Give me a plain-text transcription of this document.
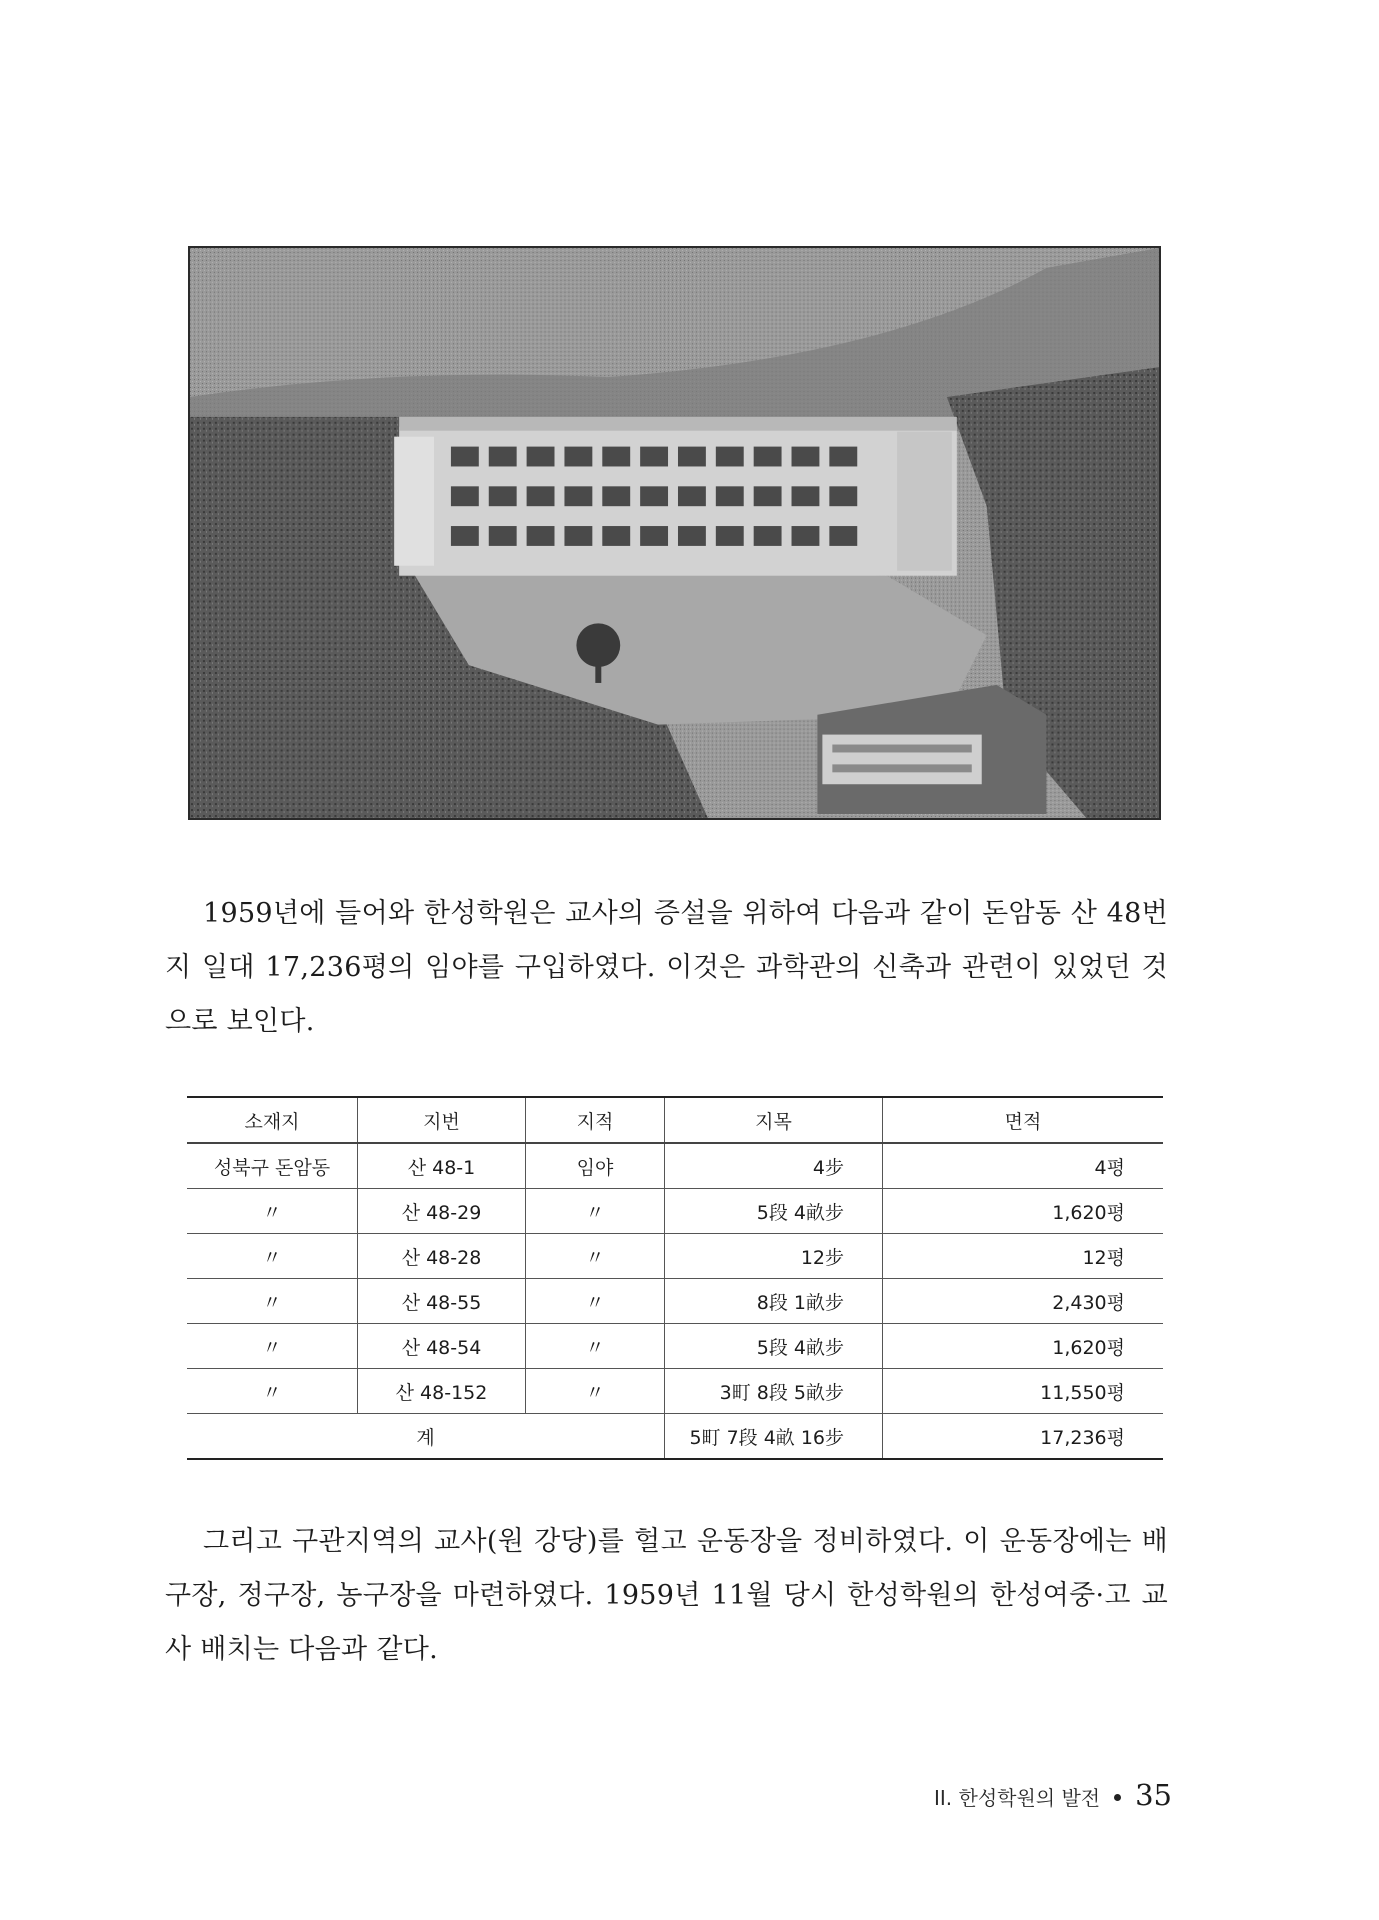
1959년에 들어와 한성학원은 교사의 증설을 위하여 다음과 같이 돈암동 산 48번지 일대 17,236평의 임야를 구입하였다. 이것은 과학관의 신축과 관련이 있었던 것으로 보인다.

소재지	지번	지적	지목	면적
성북구 돈암동	산 48-1	임야	4步	4평
〃	산 48-29	〃	5段 4畝步	1,620평
〃	산 48-28	〃	12步	12평
〃	산 48-55	〃	8段 1畝步	2,430평
〃	산 48-54	〃	5段 4畝步	1,620평
〃	산 48-152	〃	3町 8段 5畝步	11,550평
계			5町 7段 4畝 16步	17,236평

그리고 구관지역의 교사(원 강당)를 헐고 운동장을 정비하였다. 이 운동장에는 배구장, 정구장, 농구장을 마련하였다. 1959년 11월 당시 한성학원의 한성여중·고 교사 배치는 다음과 같다.

II. 한성학원의 발전 35
